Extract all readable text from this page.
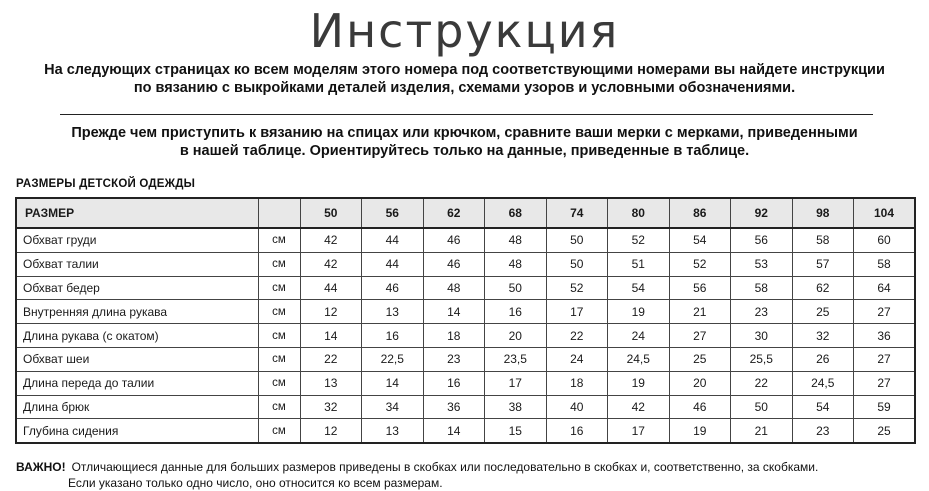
Инструкция
На следующих страницах ко всем моделям этого номера под соответствующими номерами вы найдете инструкции
по вязанию с выкройками деталей изделия, схемами узоров и условными обозначениями.
Прежде чем приступить к вязанию на спицах или крючком, сравните ваши мерки с мерками, приведенными
в нашей таблице. Ориентируйтесь только на данные, приведенные в таблице.
РАЗМЕРЫ ДЕТСКОЙ ОДЕЖДЫ
РАЗМЕР		50	56	62	68	74	80	86	92	98	104
Обхват груди	см	42	44	46	48	50	52	54	56	58	60
Обхват талии	см	42	44	46	48	50	51	52	53	57	58
Обхват бедер	см	44	46	48	50	52	54	56	58	62	64
Внутренняя длина рукава	см	12	13	14	16	17	19	21	23	25	27
Длина рукава (с окатом)	см	14	16	18	20	22	24	27	30	32	36
Обхват шеи	см	22	22,5	23	23,5	24	24,5	25	25,5	26	27
Длина переда до талии	см	13	14	16	17	18	19	20	22	24,5	27
Длина брюк	см	32	34	36	38	40	42	46	50	54	59
Глубина сидения	см	12	13	14	15	16	17	19	21	23	25
ВАЖНО! Отличающиеся данные для больших размеров приведены в скобках или последовательно в скобках и, соответственно, за скобками.
Если указано только одно число, оно относится ко всем размерам.
